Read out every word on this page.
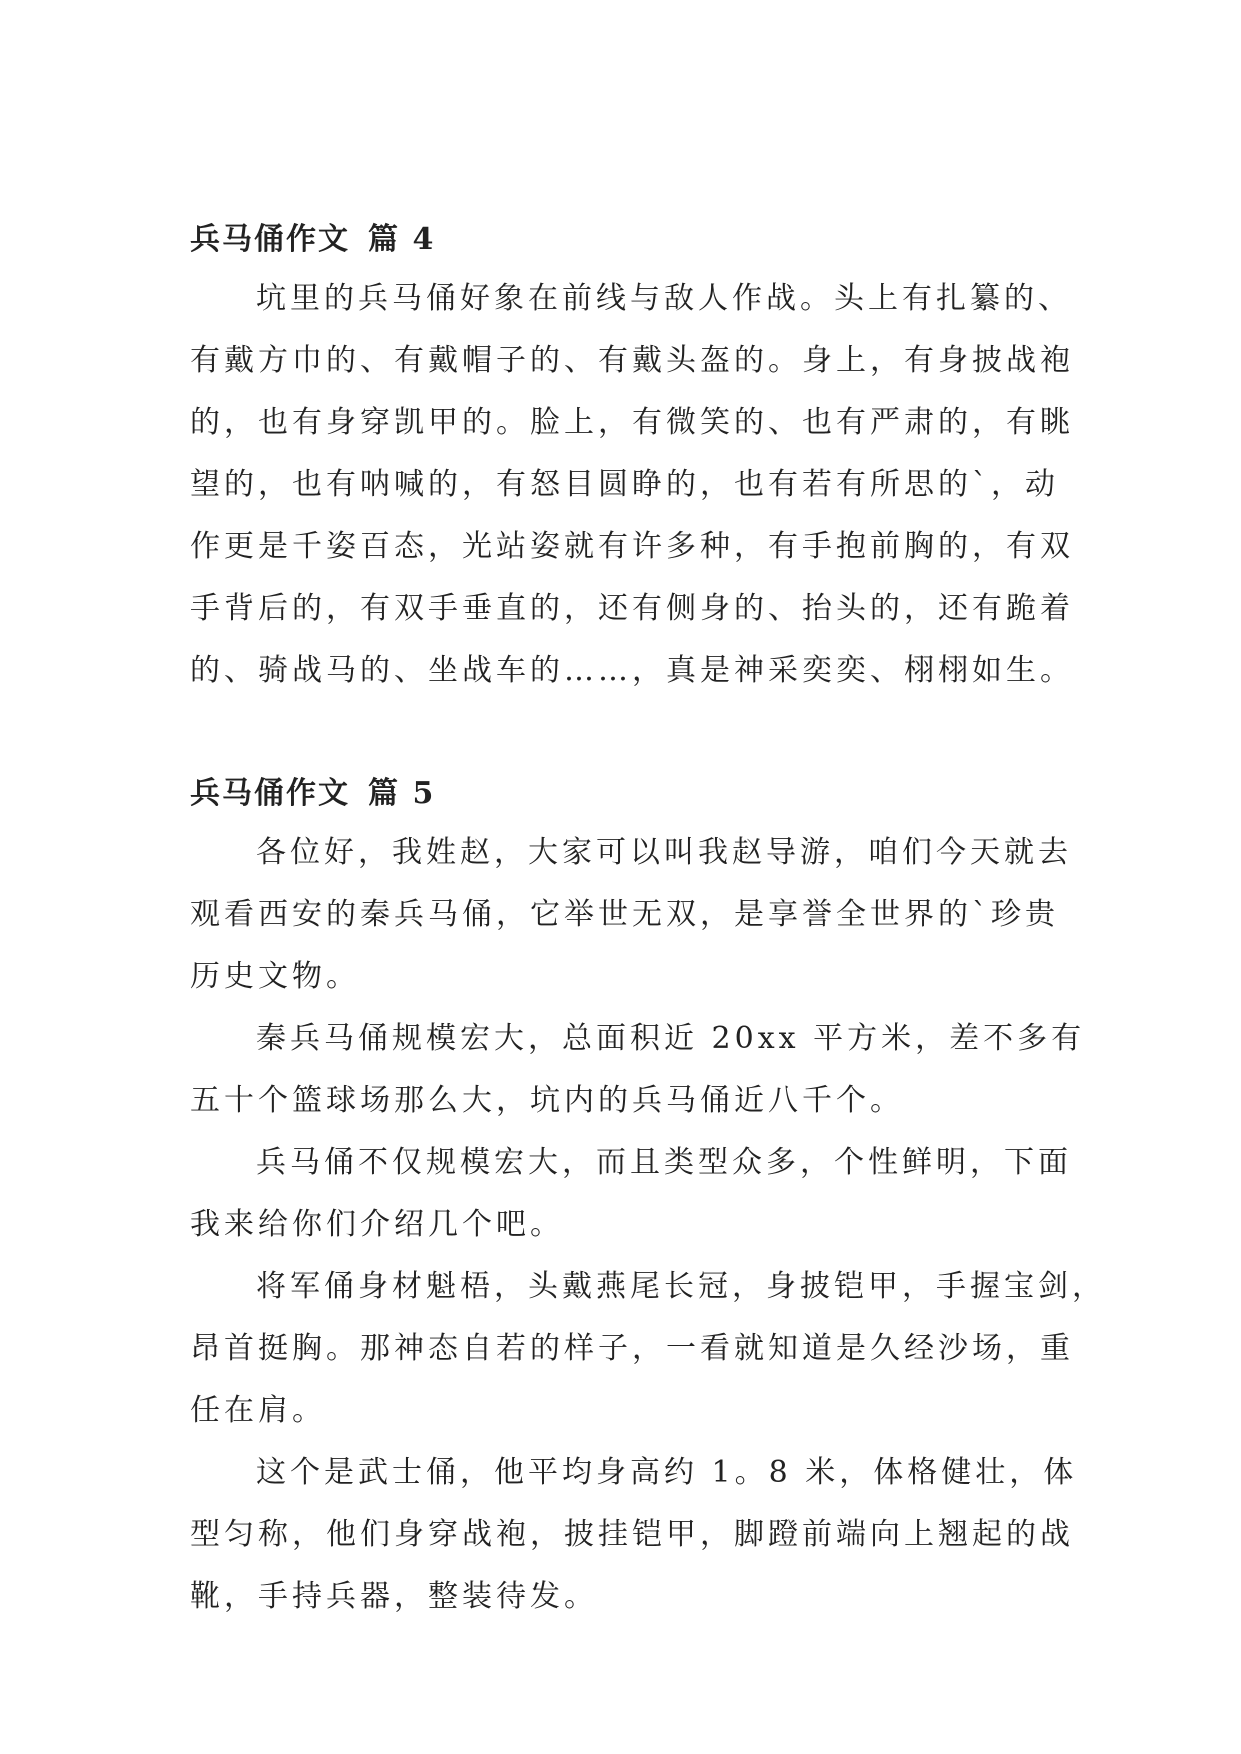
兵马俑作文 篇 4

坑里的兵马俑好象在前线与敌人作战。头上有扎纂的、
有戴方巾的、有戴帽子的、有戴头盔的。身上，有身披战袍
的，也有身穿凯甲的。脸上，有微笑的、也有严肃的，有眺
望的，也有呐喊的，有怒目圆睁的，也有若有所思的`，动
作更是千姿百态，光站姿就有许多种，有手抱前胸的，有双
手背后的，有双手垂直的，还有侧身的、抬头的，还有跪着
的、骑战马的、坐战车的……，真是神采奕奕、栩栩如生。

兵马俑作文 篇 5

各位好，我姓赵，大家可以叫我赵导游，咱们今天就去
观看西安的秦兵马俑，它举世无双，是享誉全世界的`珍贵
历史文物。

秦兵马俑规模宏大，总面积近 20xx 平方米，差不多有
五十个篮球场那么大，坑内的兵马俑近八千个。

兵马俑不仅规模宏大，而且类型众多，个性鲜明，下面
我来给你们介绍几个吧。

将军俑身材魁梧，头戴燕尾长冠，身披铠甲，手握宝剑，
昂首挺胸。那神态自若的样子，一看就知道是久经沙场，重
任在肩。

这个是武士俑，他平均身高约 1。8 米，体格健壮，体
型匀称，他们身穿战袍，披挂铠甲，脚蹬前端向上翘起的战
靴，手持兵器，整装待发。
